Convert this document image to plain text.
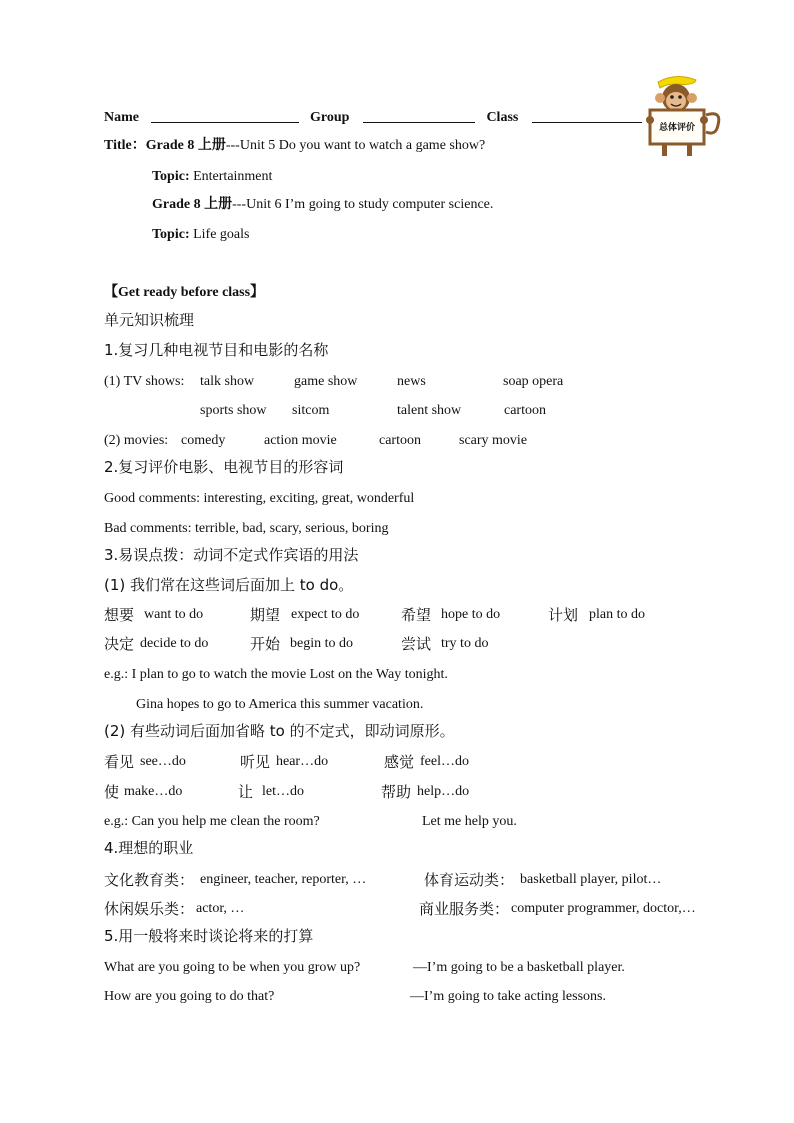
Name	Group	Class
总体评价
Title：Grade 8 上册---Unit 5 Do you want to watch a game show?
Topic: Entertainment
Grade 8 上册---Unit 6 I’m going to study computer science.
Topic: Life goals
【Get ready before class】
单元知识梳理
1.复习几种电视节目和电影的名称
(1) TV shows: talk show	game show	news	soap opera
sports show sitcom	talent show	cartoon
(2) movies: comedy	action movie	cartoon	scary movie
2.复习评价电影、电视节目的形容词
Good comments: interesting, exciting, great, wonderful
Bad comments: terrible, bad, scary, serious, boring
3.易误点拨：动词不定式作宾语的用法
(1) 我们常在这些词后面加上 to do。
想要 want to do	期望 expect to do	希望 hope to do	计划 plan to do
决定 decide to do	开始 begin to do	尝试 try to do
e.g.: I plan to go to watch the movie Lost on the Way tonight.
Gina hopes to go to America this summer vacation.
(2) 有些动词后面加省略 to 的不定式，即动词原形。
看见 see…do	听见 hear…do	感觉 feel…do
使 make…do	让 let…do	帮助 help…do
e.g.: Can you help me clean the room?	Let me help you.
4.理想的职业
文化教育类： engineer, teacher, reporter, …	体育运动类： basketball player, pilot…
休闲娱乐类： actor, …	商业服务类： computer programmer, doctor,…
5.用一般将来时谈论将来的打算
What are you going to be when you grow up?	—I’m going to be a basketball player.
How are you going to do that?	—I’m going to take acting lessons.
